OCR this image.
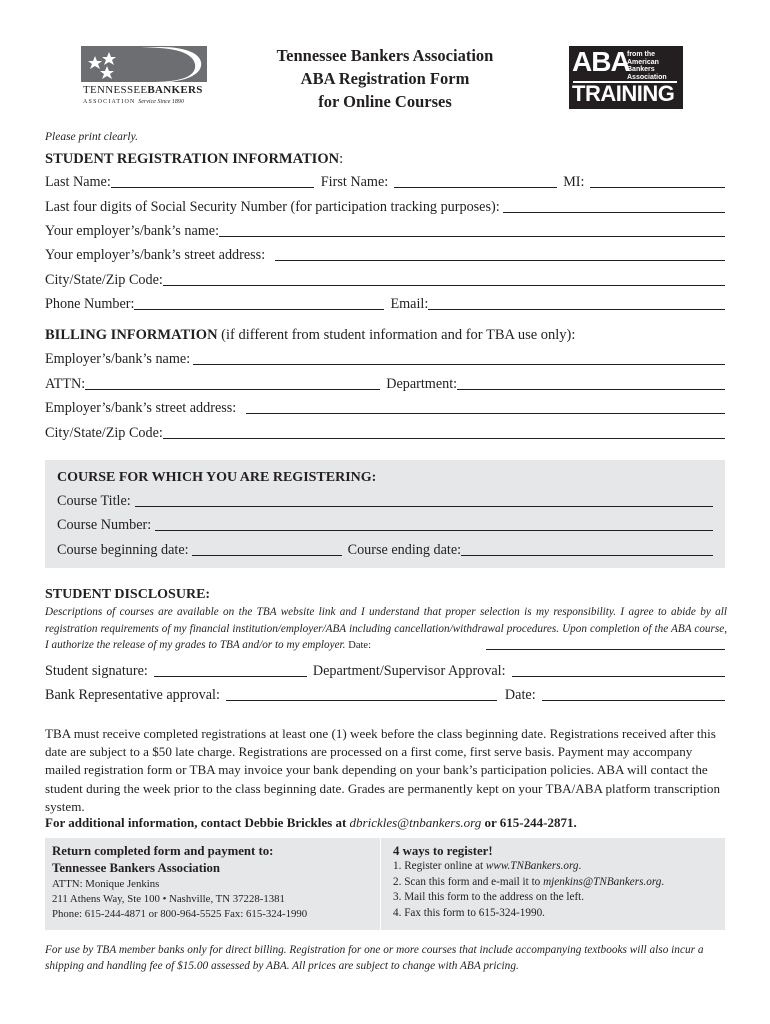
TENNESSEEBANKERS
ASSOCIATION Service Since 1890
Tennessee Bankers Association
ABA Registration Form
for Online Courses
ABA
from the
American
Bankers
Association
TRAINING
Please print clearly.
STUDENT REGISTRATION INFORMATION:
Last Name:	First Name:	MI:
Last four digits of Social Security Number (for participation tracking purposes):
Your employer’s/bank’s name:
Your employer’s/bank’s street address:
City/State/Zip Code:
Phone Number:	Email:
BILLING INFORMATION (if different from student information and for TBA use only):
Employer’s/bank’s name:
ATTN:	Department:
Employer’s/bank’s street address:
City/State/Zip Code:
COURSE FOR WHICH YOU ARE REGISTERING:
Course Title:
Course Number:
Course beginning date:	Course ending date:
STUDENT DISCLOSURE:
Descriptions of courses are available on the TBA website link and I understand that proper selection is my responsibility. I agree to abide by all registration requirements of my financial institution/employer/ABA including cancellation/withdrawal procedures. Upon completion of the ABA course, I authorize the release of my grades to TBA and/or to my employer. Date:
Student signature:	Department/Supervisor Approval:
Bank Representative approval:	Date:
TBA must receive completed registrations at least one (1) week before the class beginning date. Registrations received after this date are subject to a $50 late charge. Registrations are processed on a first come, first serve basis. Payment may accompany mailed registration form or TBA may invoice your bank depending on your bank’s participation policies. ABA will contact the student during the week prior to the class beginning date. Grades are permanently kept on your TBA/ABA platform transcription system.
For additional information, contact Debbie Brickles at dbrickles@tnbankers.org or 615-244-2871.
Return completed form and payment to:
Tennessee Bankers Association
ATTN: Monique Jenkins
211 Athens Way, Ste 100 • Nashville, TN 37228-1381
Phone: 615-244-4871 or 800-964-5525 Fax: 615-324-1990
4 ways to register!
1. Register online at www.TNBankers.org.
2. Scan this form and e-mail it to mjenkins@TNBankers.org.
3. Mail this form to the address on the left.
4. Fax this form to 615-324-1990.
For use by TBA member banks only for direct billing. Registration for one or more courses that include accompanying textbooks will also incur a shipping and handling fee of $15.00 assessed by ABA. All prices are subject to change with ABA pricing.
